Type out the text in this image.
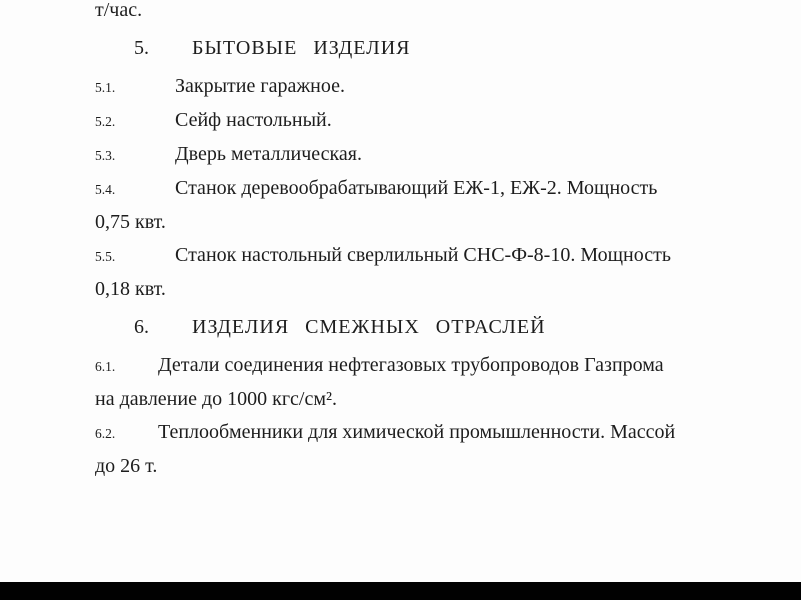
т/час.
5. БЫТОВЫЕ ИЗДЕЛИЯ
5.1.	Закрытие гаражное.
5.2.	Сейф настольный.
5.3.	Дверь металлическая.
5.4.	Станок деревообрабатывающий ЕЖ-1, ЕЖ-2. Мощность
0,75 квт.
5.5.	Станок настольный сверлильный СНС-Ф-8-10. Мощность
0,18 квт.
6. ИЗДЕЛИЯ СМЕЖНЫХ ОТРАСЛЕЙ
6.1. Детали соединения нефтегазовых трубопроводов Газпрома
на давление до 1000 кгс/см².
6.2. Теплообменники для химической промышленности. Массой
до 26 т.
